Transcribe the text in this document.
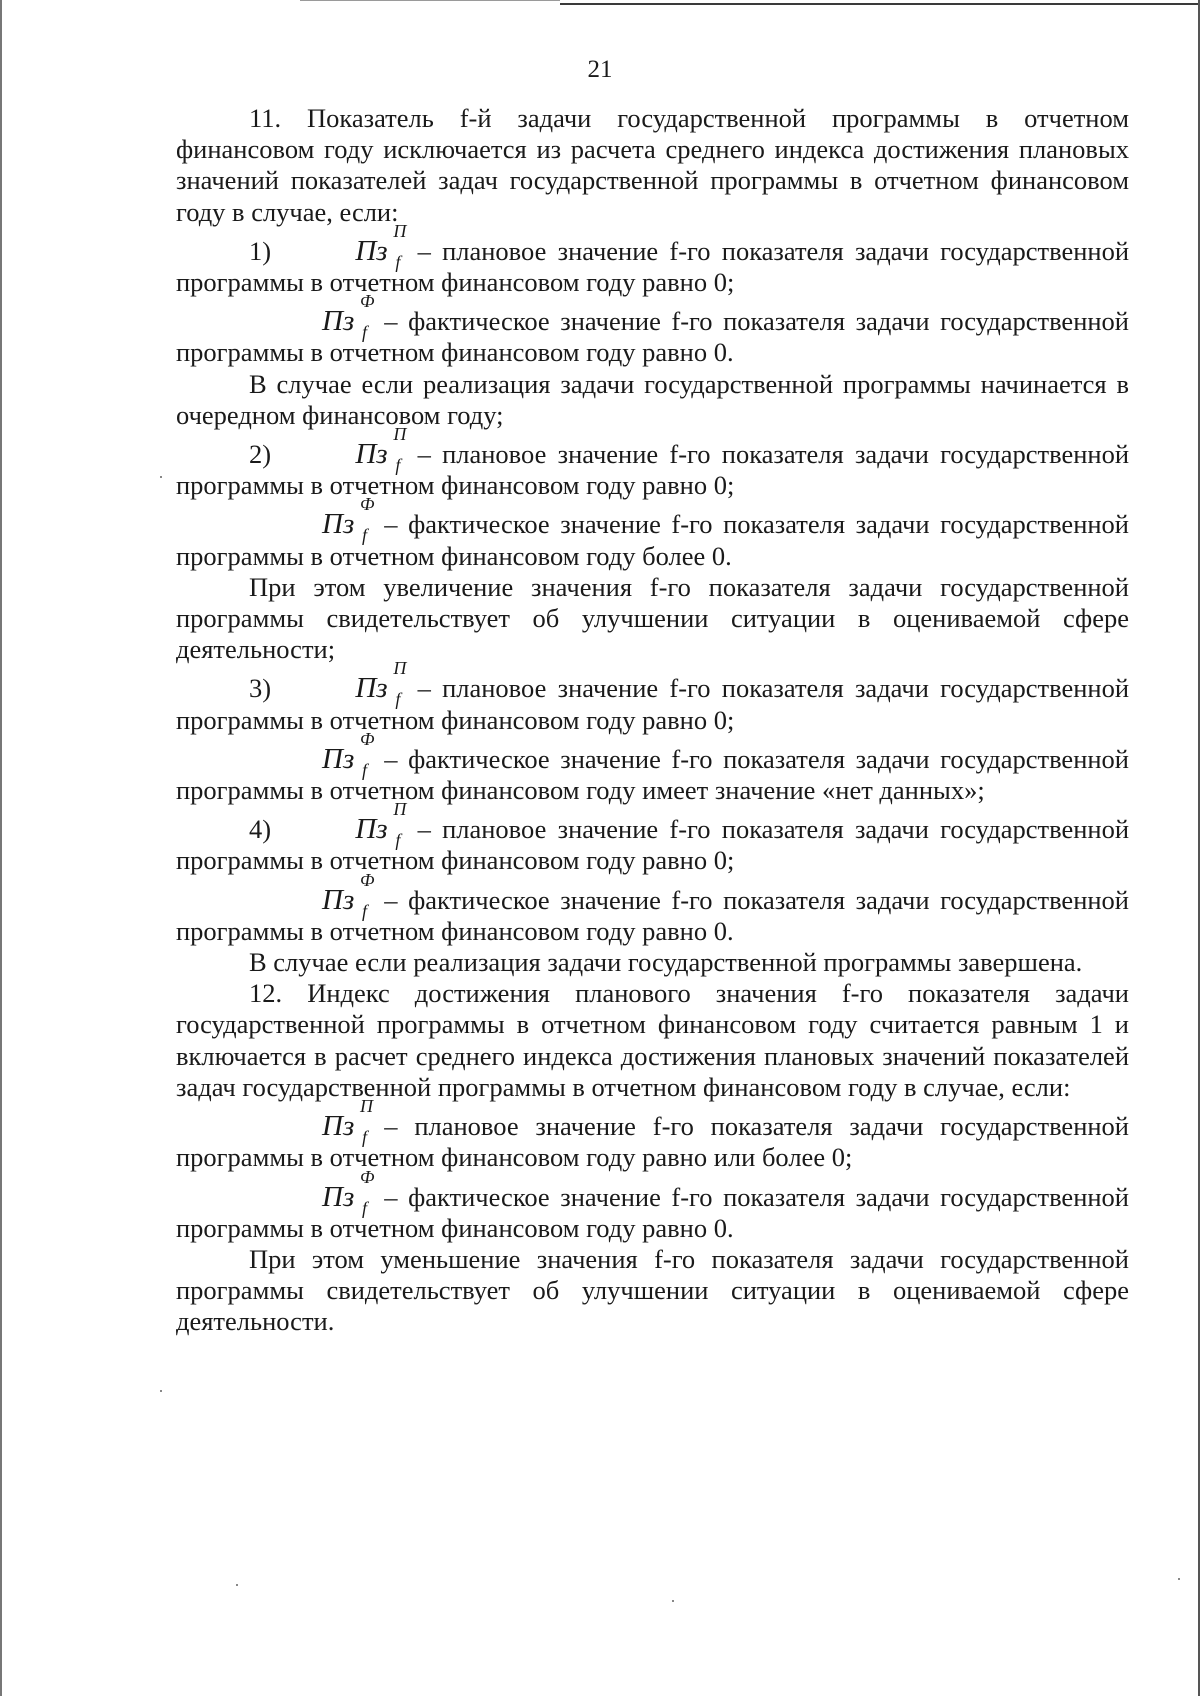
21

11. Показатель f-й задачи государственной программы в отчетном финансовом году исключается из расчета среднего индекса достижения плановых значений показателей задач государственной программы в отчетном финансовом году в случае, если:

1)	Пз
П
f – плановое значение f-го показателя задачи государственной программы в отчетном финансовом году равно 0;

Пз
Ф
f – фактическое значение f-го показателя задачи государственной программы в отчетном финансовом году равно 0.

В случае если реализация задачи государственной программы начинается в очередном финансовом году;

2)	Пз
П
f – плановое значение f-го показателя задачи государственной программы в отчетном финансовом году равно 0;

Пз
Ф
f – фактическое значение f-го показателя задачи государственной программы в отчетном финансовом году более 0.

При этом увеличение значения f-го показателя задачи государственной программы свидетельствует об улучшении ситуации в оцениваемой сфере деятельности;

3)	Пз
П
f – плановое значение f-го показателя задачи государственной программы в отчетном финансовом году равно 0;

Пз
Ф
f – фактическое значение f-го показателя задачи государственной программы в отчетном финансовом году имеет значение «нет данных»;

4)	Пз
П
f – плановое значение f-го показателя задачи государственной программы в отчетном финансовом году равно 0;

Пз
Ф
f – фактическое значение f-го показателя задачи государственной программы в отчетном финансовом году равно 0.

В случае если реализация задачи государственной программы завершена.

12. Индекс достижения планового значения f-го показателя задачи государственной программы в отчетном финансовом году считается равным 1 и включается в расчет среднего индекса достижения плановых значений показателей задач государственной программы в отчетном финансовом году в случае, если:

Пз
П
f – плановое значение f-го показателя задачи государственной программы в отчетном финансовом году равно или более 0;

Пз
Ф
f – фактическое значение f-го показателя задачи государственной программы в отчетном финансовом году равно 0.

При этом уменьшение значения f-го показателя задачи государственной программы свидетельствует об улучшении ситуации в оцениваемой сфере деятельности.
